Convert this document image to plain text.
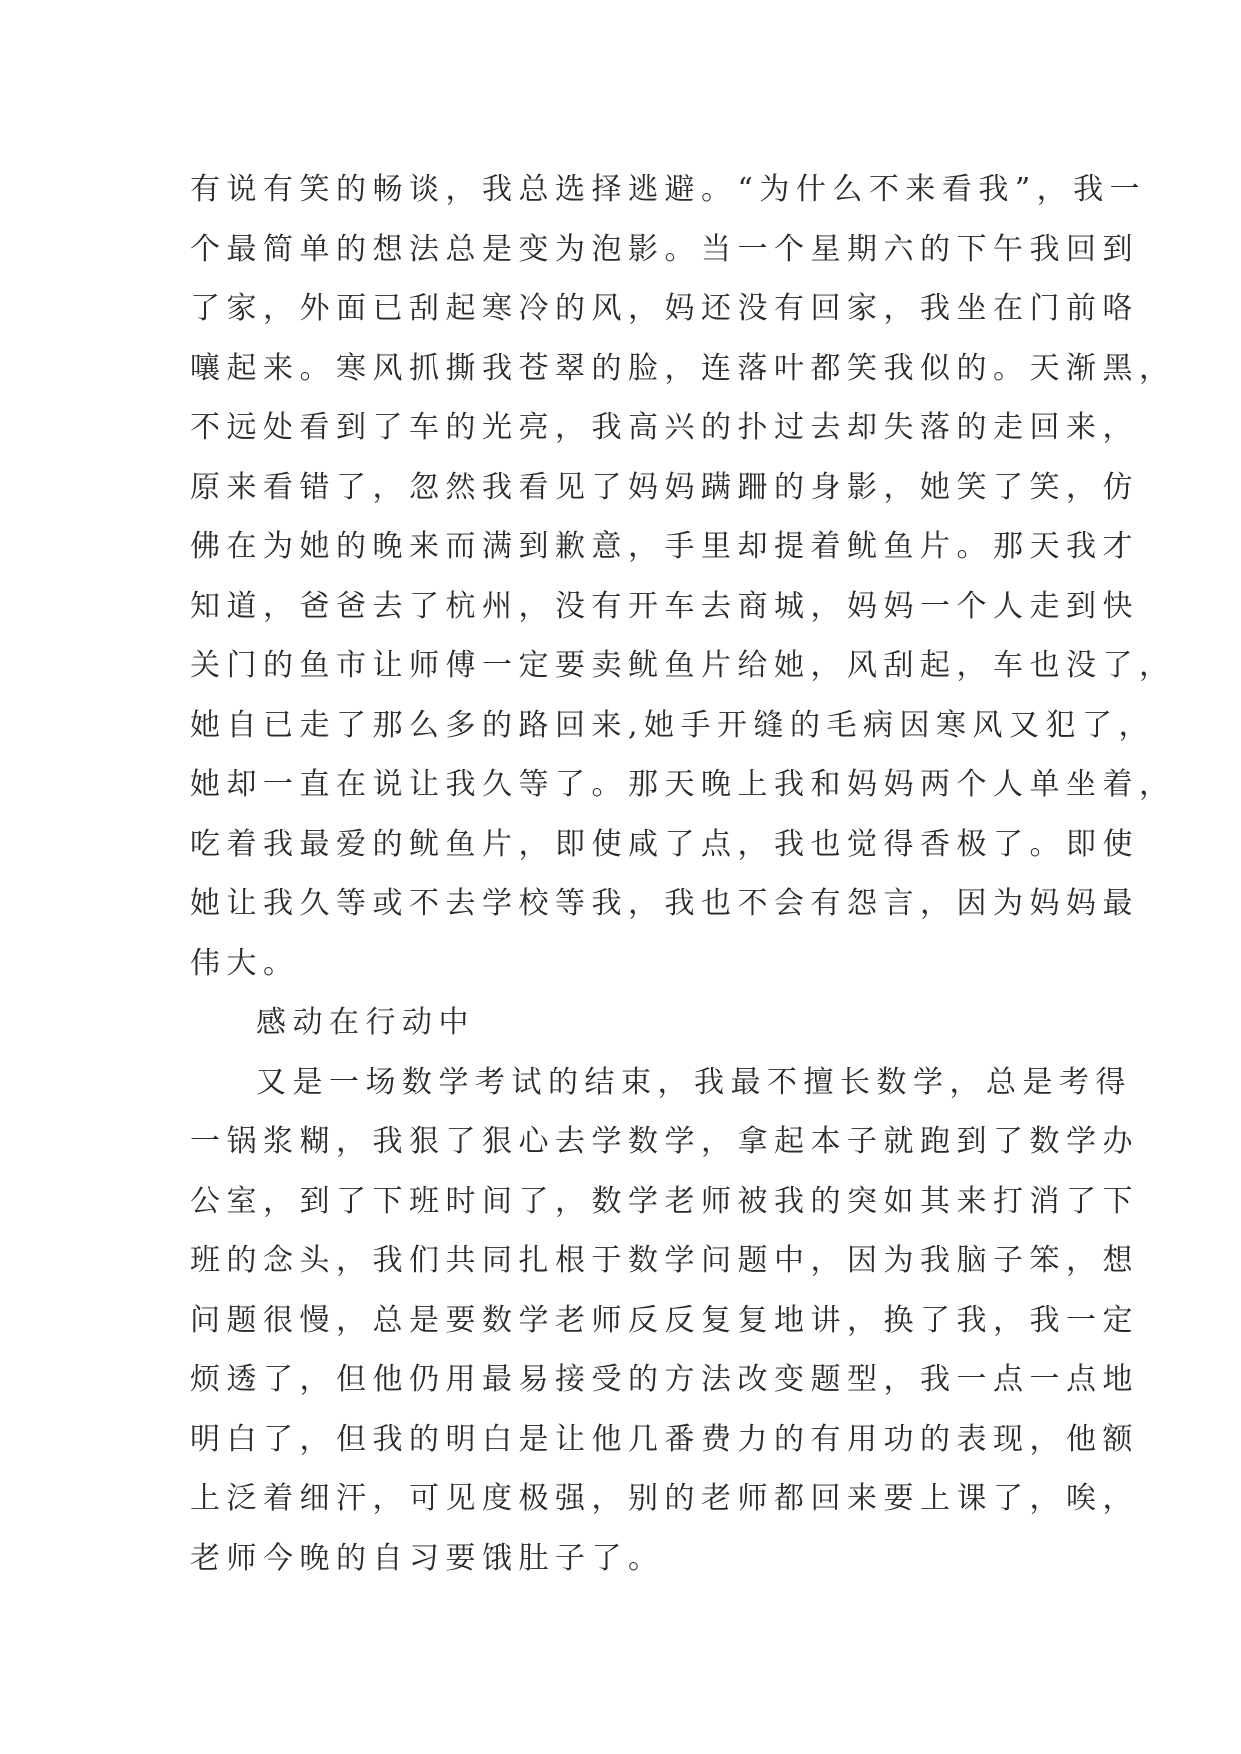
有说有笑的畅谈，我总选择逃避。“为什么不来看我”，我一
个最简单的想法总是变为泡影。当一个星期六的下午我回到
了家，外面已刮起寒冷的风，妈还没有回家，我坐在门前咯
嚷起来。寒风抓撕我苍翠的脸，连落叶都笑我似的。天渐黑，
不远处看到了车的光亮，我高兴的扑过去却失落的走回来，
原来看错了，忽然我看见了妈妈蹒跚的身影，她笑了笑，仿
佛在为她的晚来而满到歉意，手里却提着鱿鱼片。那天我才
知道，爸爸去了杭州，没有开车去商城，妈妈一个人走到快
关门的鱼市让师傅一定要卖鱿鱼片给她，风刮起，车也没了，
她自已走了那么多的路回来,她手开缝的毛病因寒风又犯了，
她却一直在说让我久等了。那天晚上我和妈妈两个人单坐着，
吃着我最爱的鱿鱼片，即使咸了点，我也觉得香极了。即使
她让我久等或不去学校等我，我也不会有怨言，因为妈妈最
伟大。
感动在行动中
又是一场数学考试的结束，我最不擅长数学，总是考得
一锅浆糊，我狠了狠心去学数学，拿起本子就跑到了数学办
公室，到了下班时间了，数学老师被我的突如其来打消了下
班的念头，我们共同扎根于数学问题中，因为我脑子笨，想
问题很慢，总是要数学老师反反复复地讲，换了我，我一定
烦透了，但他仍用最易接受的方法改变题型，我一点一点地
明白了，但我的明白是让他几番费力的有用功的表现，他额
上泛着细汗，可见度极强，别的老师都回来要上课了，唉，
老师今晚的自习要饿肚子了。
